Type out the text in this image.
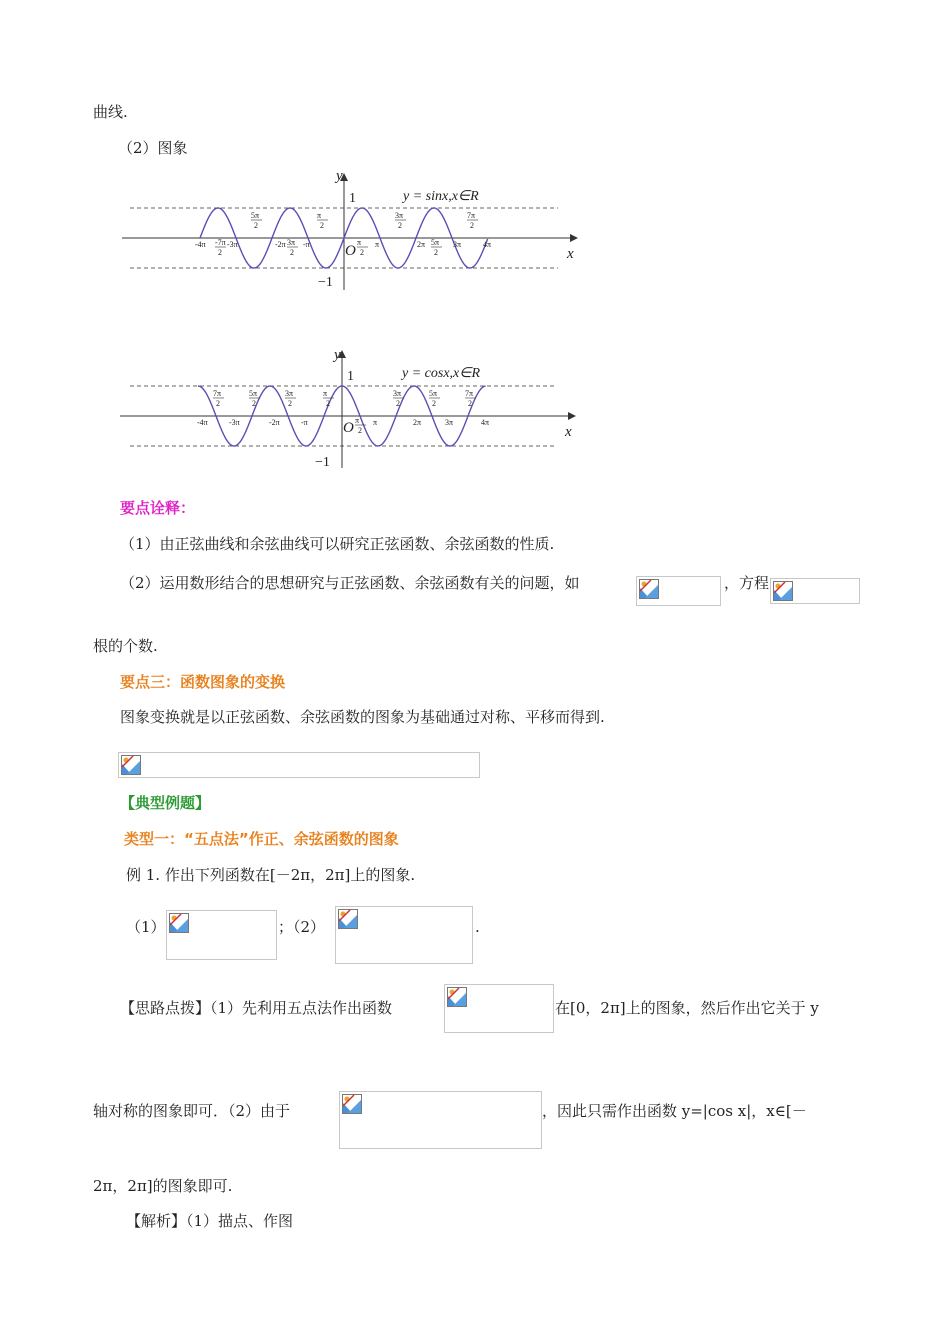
曲线.
（2）图象
y = sinx,x∈R
y
x
O
1
−1
-4π	-3π	-2π -π	π	2π	3π	4π
5π
2
π
2
3π
2
7π
2
-7π
2
3π
2
π
2
5π
2
y = cosx,x∈R
y
x
O
1
−1
-4π	-3π	-2π	-π	π	2π	3π	4π
7π
2
5π
2
3π
2
π
2
π
2
3π
2
5π
2
7π
2
要点诠释：
（1）由正弦曲线和余弦曲线可以研究正弦函数、余弦函数的性质.
（2）运用数形结合的思想研究与正弦函数、余弦函数有关的问题，如	，方程
根的个数.
要点三：函数图象的变换
图象变换就是以正弦函数、余弦函数的图象为基础通过对称、平移而得到.
【典型例题】
类型一：“五点法”作正、余弦函数的图象
例 1. 作出下列函数在[－2π，2π]上的图象.
（1）	；（2）	.
【思路点拨】（1）先利用五点法作出函数	在[0，2π]上的图象，然后作出它关于 y
轴对称的图象即可．（2）由于	，因此只需作出函数 y=|cos x|，x∈[－
2π，2π]的图象即可.
【解析】（1）描点、作图
